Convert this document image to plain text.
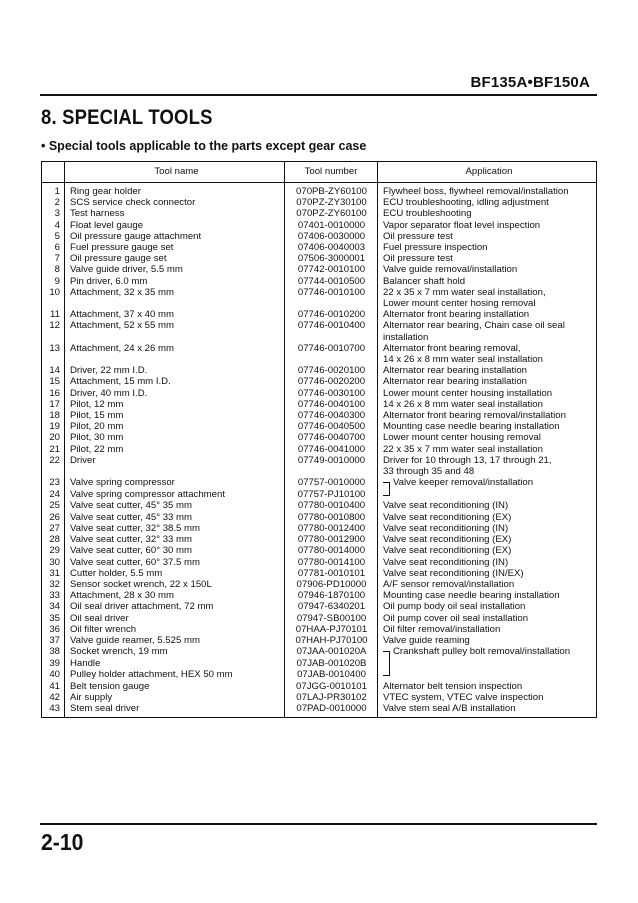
BF135A•BF150A
8. SPECIAL TOOLS
• Special tools applicable to the parts except gear case
	Tool name	Tool number	Application
1	Ring gear holder	070PB-ZY60100	Flywheel boss, flywheel removal/installation

2	SCS service check connector	070PZ-ZY30100	ECU troubleshooting, idling adjustment

3	Test harness	070PZ-ZY60100	ECU troubleshooting

4	Float level gauge	07401-0010000	Vapor separator float level inspection

5	Oil pressure gauge attachment	07406-0030000	Oil pressure test

6	Fuel pressure gauge set	07406-0040003	Fuel pressure inspection

7	Oil pressure gauge set	07506-3000001	Oil pressure test

8	Valve guide driver, 5.5 mm	07742-0010100	Valve guide removal/installation

9	Pin driver, 6.0 mm	07744-0010500	Balancer shaft hold

10	Attachment, 32 x 35 mm	07746-0010100	22 x 35 x 7 mm water seal installation,
Lower mount center hosing removal

11	Attachment, 37 x 40 mm	07746-0010200	Alternator front bearing installation

12	Attachment, 52 x 55 mm	07746-0010400	Alternator rear bearing, Chain case oil seal
installation

13	Attachment, 24 x 26 mm	07746-0010700	Alternator front bearing removal,
14 x 26 x 8 mm water seal installation

14	Driver, 22 mm I.D.	07746-0020100	Alternator rear bearing installation

15	Attachment, 15 mm I.D.	07746-0020200	Alternator rear bearing installation

16	Driver, 40 mm I.D.	07746-0030100	Lower mount center housing installation

17	Pilot, 12 mm	07746-0040100	14 x 26 x 8 mm water seal installation

18	Pilot, 15 mm	07746-0040300	Alternator front bearing removal/installation

19	Pilot, 20 mm	07746-0040500	Mounting case needle bearing installation

20	Pilot, 30 mm	07746-0040700	Lower mount center housing removal

21	Pilot, 22 mm	07746-0041000	22 x 35 x 7 mm water seal installation

22	Driver	07749-0010000	Driver for 10 through 13, 17 through 21,
33 through 35 and 48

23	Valve spring compressor	07757-0010000	Valve keeper removal/installation

24	Valve spring compressor attachment	07757-PJ10100	

25	Valve seat cutter, 45° 35 mm	07780-0010400	Valve seat reconditioning (IN)

26	Valve seat cutter, 45° 33 mm	07780-0010800	Valve seat reconditioning (EX)

27	Valve seat cutter, 32° 38.5 mm	07780-0012400	Valve seat reconditioning (IN)

28	Valve seat cutter, 32° 33 mm	07780-0012900	Valve seat reconditioning (EX)

29	Valve seat cutter, 60° 30 mm	07780-0014000	Valve seat reconditioning (EX)

30	Valve seat cutter, 60° 37.5 mm	07780-0014100	Valve seat reconditioning (IN)

31	Cutter holder, 5.5 mm	07781-0010101	Valve seat reconditioning (IN/EX)

32	Sensor socket wrench, 22 x 150L	07906-PD10000	A/F sensor removal/installation

33	Attachment, 28 x 30 mm	07946-1870100	Mounting case needle bearing installation

34	Oil seal driver attachment, 72 mm	07947-6340201	Oil pump body oil seal installation

35	Oil seal driver	07947-SB00100	Oil pump cover oil seal installation

36	Oil filter wrench	07HAA-PJ70101	Oil filter removal/installation

37	Valve guide reamer, 5.525 mm	07HAH-PJ70100	Valve guide reaming

38	Socket wrench, 19 mm	07JAA-001020A	Crankshaft pulley bolt removal/installation

39	Handle	07JAB-001020B	

40	Pulley holder attachment, HEX 50 mm	07JAB-0010400	

41	Belt tension gauge	07JGG-0010101	Alternator belt tension inspection

42	Air supply	07LAJ-PR30102	VTEC system, VTEC valve inspection

43	Stem seal driver	07PAD-0010000	Valve stem seal A/B installation
2-10
